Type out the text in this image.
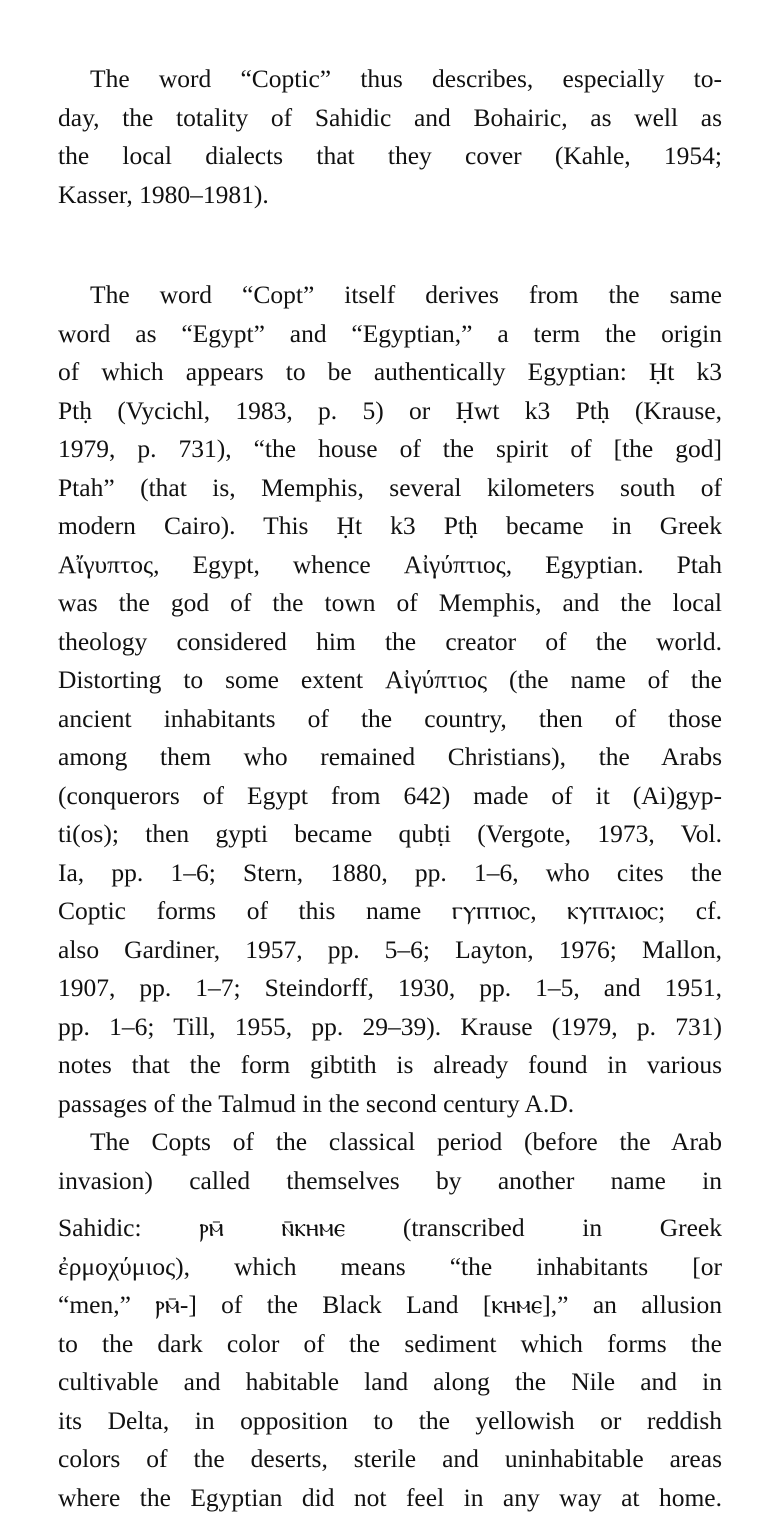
The word “Coptic” thus describes, especially to-
day, the totality of Sahidic and Bohairic, as well as
the local dialects that they cover (Kahle, 1954;
Kasser, 1980–1981).
The word “Copt” itself derives from the same
word as “Egypt” and “Egyptian,” a term the origin
of which appears to be authentically Egyptian: Ḥt k3
Ptḥ (Vycichl, 1983, p. 5) or Ḥwt k3 Ptḥ (Krause,
1979, p. 731), “the house of the spirit of [the god]
Ptah” (that is, Memphis, several kilometers south of
modern Cairo). This Ḥt k3 Ptḥ became in Greek
Αἴγυπτος, Egypt, whence Αἰγύπτιος, Egyptian. Ptah
was the god of the town of Memphis, and the local
theology considered him the creator of the world.
Distorting to some extent Αἰγύπτιος (the name of the
ancient inhabitants of the country, then of those
among them who remained Christians), the Arabs
(conquerors of Egypt from 642) made of it (Ai)gyp-
ti(os); then gypti became qubṭi (Vergote, 1973, Vol.
Ia, pp. 1–6; Stern, 1880, pp. 1–6, who cites the
Coptic forms of this name ⲅⲩⲡⲧⲓⲟⲥ, ⲕⲩⲡⲧⲁⲓⲟⲥ; cf.
also Gardiner, 1957, pp. 5–6; Layton, 1976; Mallon,
1907, pp. 1–7; Steindorff, 1930, pp. 1–5, and 1951,
pp. 1–6; Till, 1955, pp. 29–39). Krause (1979, p. 731)
notes that the form gibtith is already found in various
passages of the Talmud in the second century A.D.
The Copts of the classical period (before the Arab
invasion) called themselves by another name in
Sahidic: ⲣⲙ̄ ⲛ̄ⲕⲏⲙⲉ (transcribed in Greek
ἐρμοχύμιος), which means “the inhabitants [or
“men,” ⲣⲙ̄-] of the Black Land [ⲕⲏⲙⲉ],” an allusion
to the dark color of the sediment which forms the
cultivable and habitable land along the Nile and in
its Delta, in opposition to the yellowish or reddish
colors of the deserts, sterile and uninhabitable areas
where the Egyptian did not feel in any way at home.
